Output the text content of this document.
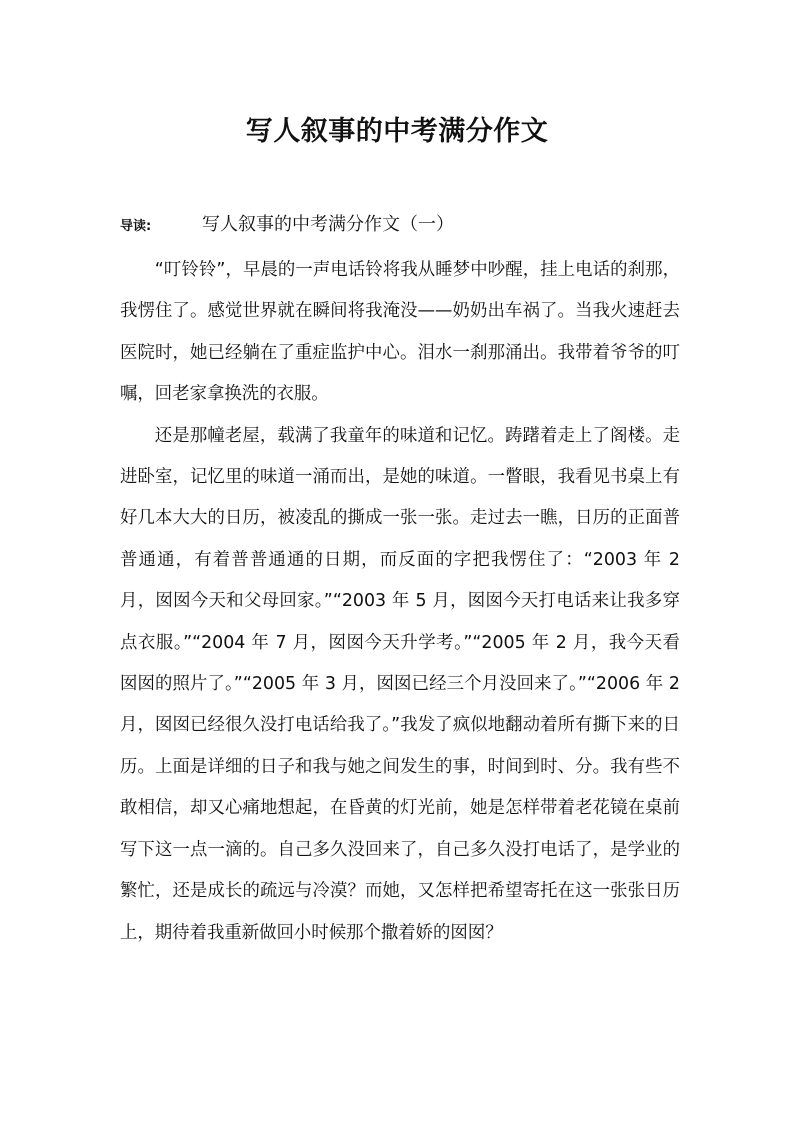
写人叙事的中考满分作文
导读:	写人叙事的中考满分作文（一）

“叮铃铃”，早晨的一声电话铃将我从睡梦中吵醒，挂上电话的刹那，我愣住了。感觉世界就在瞬间将我淹没——奶奶出车祸了。当我火速赶去医院时，她已经躺在了重症监护中心。泪水一刹那涌出。我带着爷爷的叮嘱，回老家拿换洗的衣服。

还是那幢老屋，载满了我童年的味道和记忆。踌躇着走上了阁楼。走进卧室，记忆里的味道一涌而出，是她的味道。一瞥眼，我看见书桌上有好几本大大的日历，被凌乱的撕成一张一张。走过去一瞧，日历的正面普普通通，有着普普通通的日期，而反面的字把我愣住了：“2003 年 2 月，囡囡今天和父母回家。”“2003 年 5 月，囡囡今天打电话来让我多穿点衣服。”“2004 年 7 月，囡囡今天升学考。”“2005 年 2 月，我今天看囡囡的照片了。”“2005 年 3 月，囡囡已经三个月没回来了。”“2006 年 2 月，囡囡已经很久没打电话给我了。”我发了疯似地翻动着所有撕下来的日历。上面是详细的日子和我与她之间发生的事，时间到时、分。我有些不敢相信，却又心痛地想起，在昏黄的灯光前，她是怎样带着老花镜在桌前写下这一点一滴的。自己多久没回来了，自己多久没打电话了，是学业的繁忙，还是成长的疏远与冷漠？而她，又怎样把希望寄托在这一张张日历上，期待着我重新做回小时候那个撒着娇的囡囡？
